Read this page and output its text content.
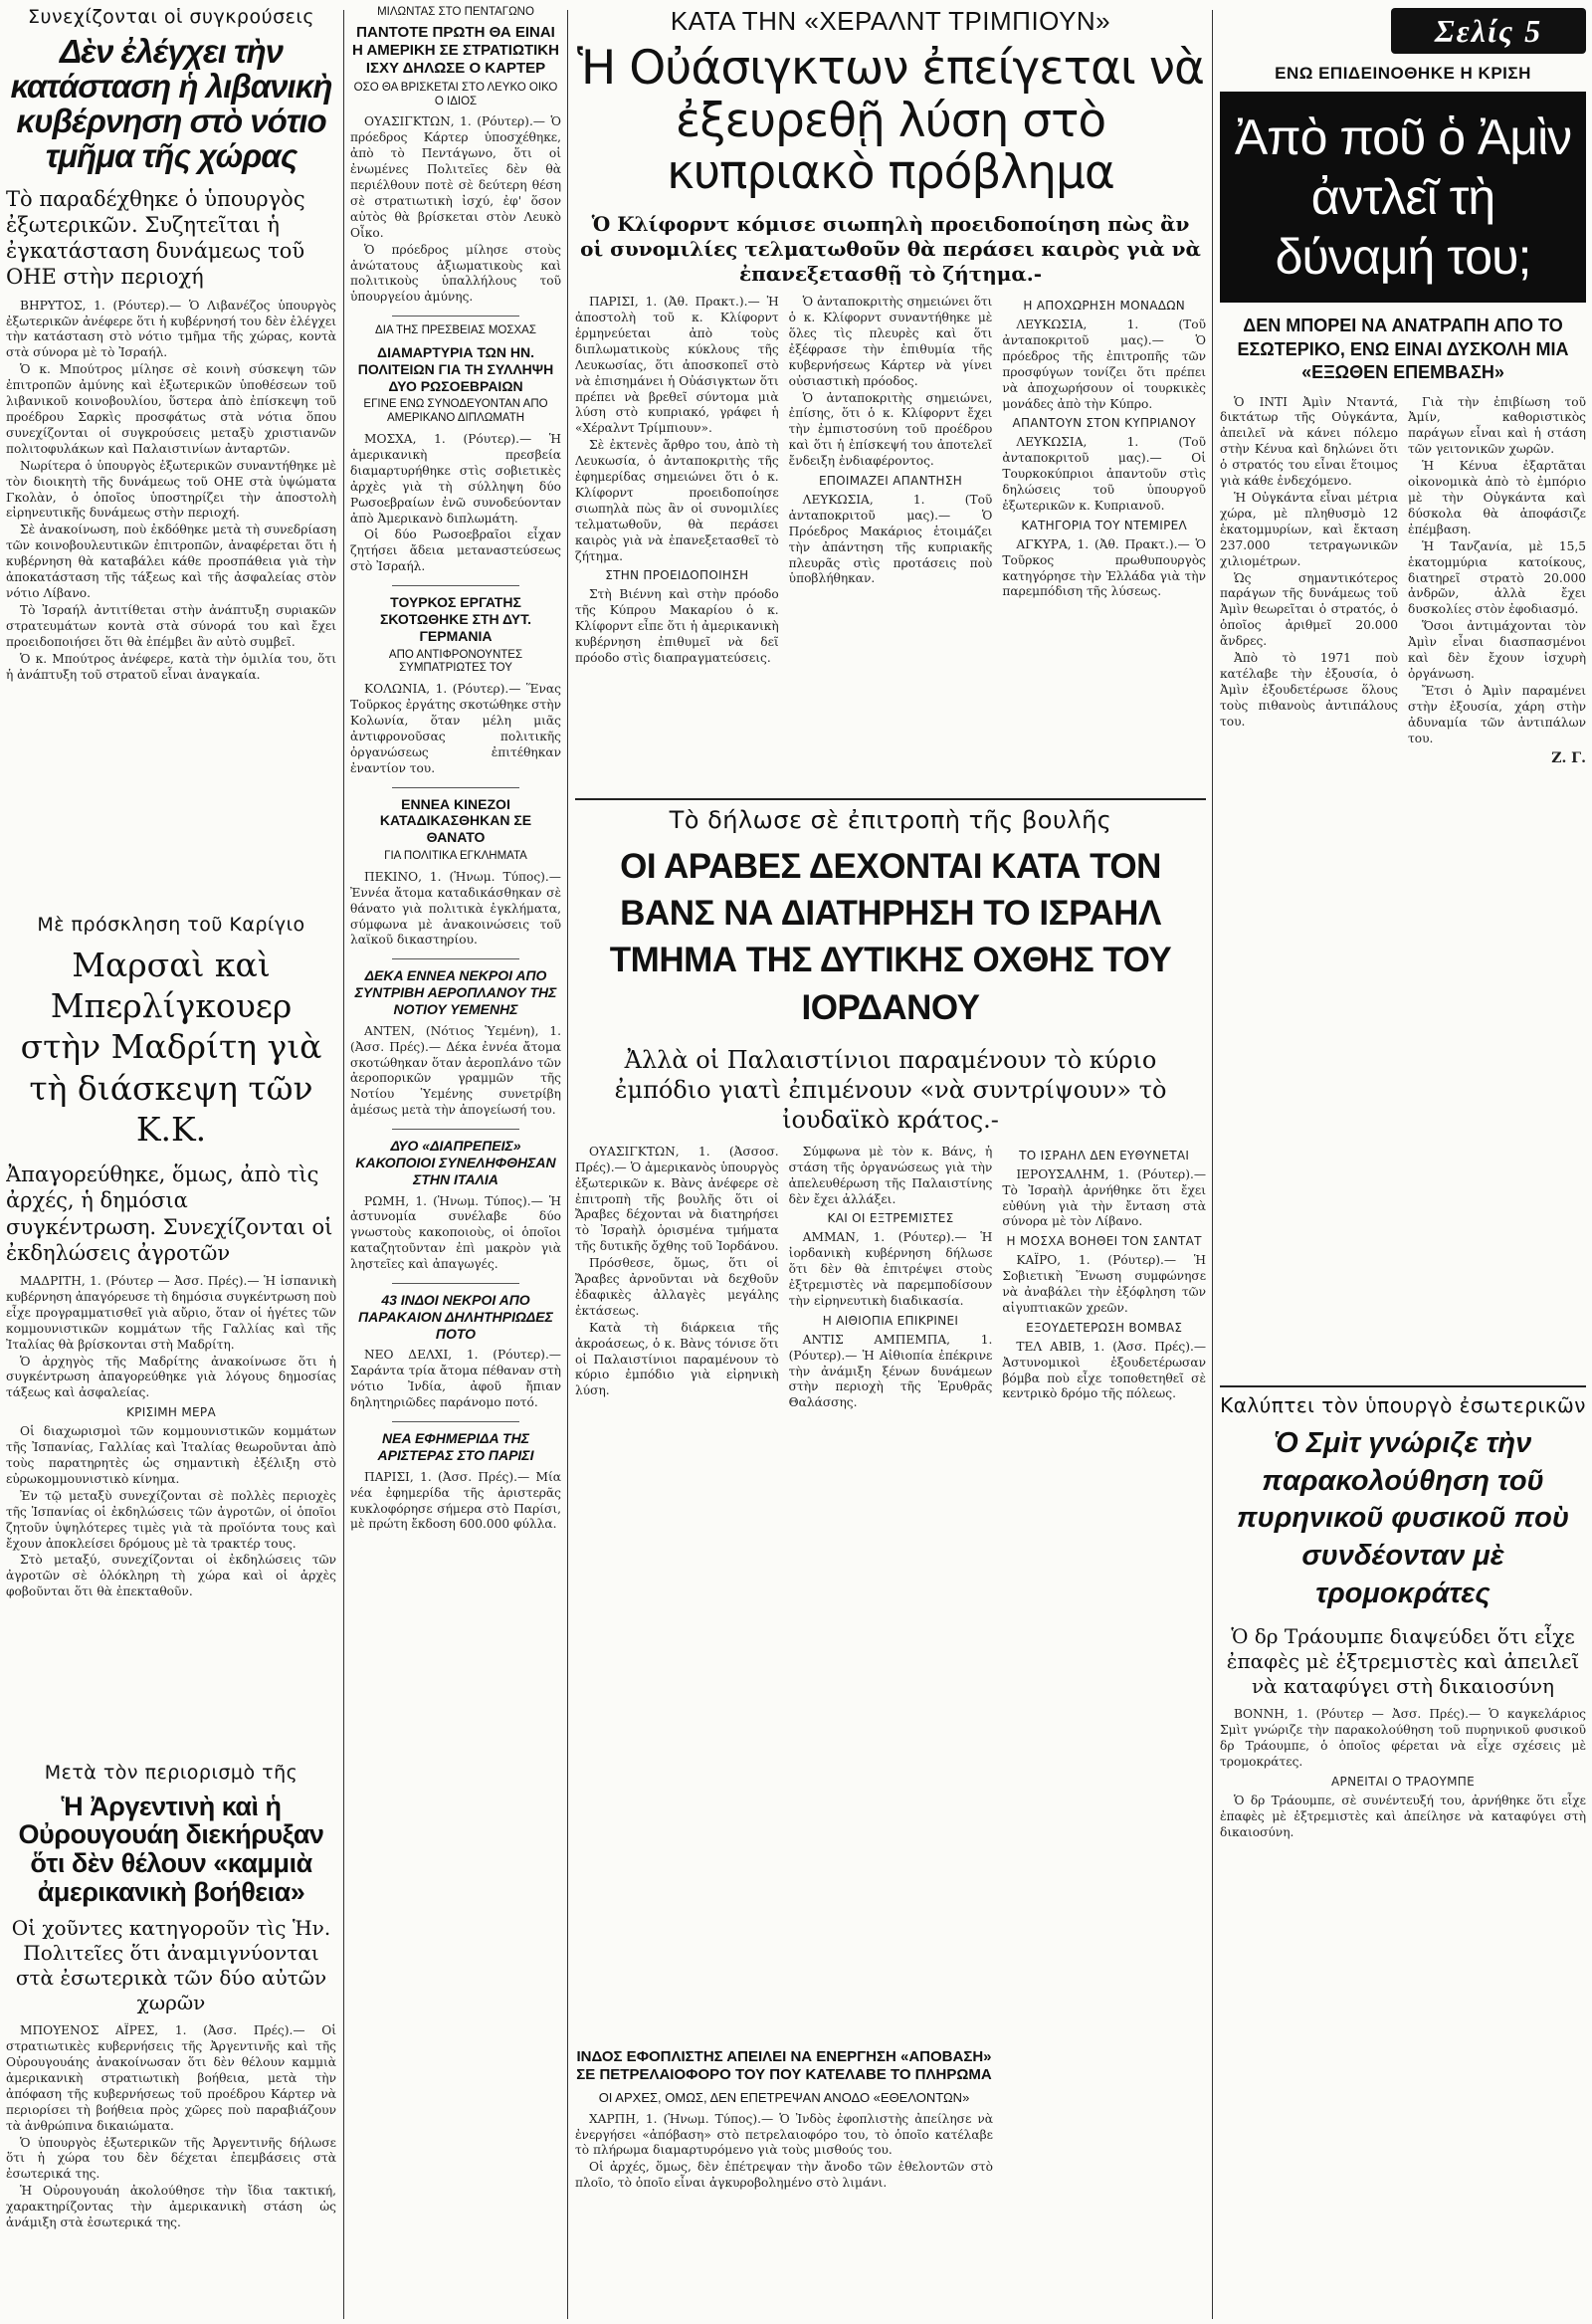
Συνεχίζονται οἱ συγκρούσεις
Δὲν ἐλέγχει τὴν κατάσταση ἡ λιβανικὴ κυβέρνηση στὸ νότιο τμῆμα τῆς χώρας
Τὸ παραδέχθηκε ὁ ὑπουργὸς ἐξωτερικῶν. Συζητεῖται ἡ ἐγκατάσταση δυνάμεως τοῦ ΟΗΕ στὴν περιοχή

ΒΗΡΥΤΟΣ, 1. (Ρόυτερ).— Ὁ Λιβανέζος ὑπουργὸς ἐξωτερικῶν ἀνέφερε ὅτι ἡ κυβέρνησή του δὲν ἐλέγχει τὴν κατάσταση στὸ νότιο τμῆμα τῆς χώρας, κοντὰ στὰ σύνορα μὲ τὸ Ἰσραήλ.

Ὁ κ. Μπούτρος μίλησε σὲ κοινὴ σύσκεψη τῶν ἐπιτροπῶν ἀμύνης καὶ ἐξωτερικῶν ὑποθέσεων τοῦ λιβανικοῦ κοινοβουλίου, ὕστερα ἀπὸ ἐπίσκεψη τοῦ προέδρου Σαρκὶς προσφάτως στὰ νότια ὅπου συνεχίζονται οἱ συγκρούσεις μεταξὺ χριστιανῶν πολιτοφυλάκων καὶ Παλαιστινίων ἀνταρτῶν.

Νωρίτερα ὁ ὑπουργὸς ἐξωτερικῶν συναντήθηκε μὲ τὸν διοικητὴ τῆς δυνάμεως τοῦ ΟΗΕ στὰ ὑψώματα Γκολὰν, ὁ ὁποῖος ὑποστηρίζει τὴν ἀποστολὴ εἰρηνευτικῆς δυνάμεως στὴν περιοχή.

Σὲ ἀνακοίνωση, ποὺ ἐκδόθηκε μετὰ τὴ συνεδρίαση τῶν κοινοβουλευτικῶν ἐπιτροπῶν, ἀναφέρεται ὅτι ἡ κυβέρνηση θὰ καταβάλει κάθε προσπάθεια γιὰ τὴν ἀποκατάσταση τῆς τάξεως καὶ τῆς ἀσφαλείας στὸν νότιο Λίβανο.

Τὸ Ἰσραήλ ἀντιτίθεται στὴν ἀνάπτυξη συριακῶν στρατευμάτων κοντὰ στὰ σύνορά του καὶ ἔχει προειδοποιήσει ὅτι θὰ ἐπέμβει ἂν αὐτὸ συμβεῖ.

Ὁ κ. Μπούτρος ἀνέφερε, κατὰ τὴν ὁμιλία του, ὅτι ἡ ἀνάπτυξη τοῦ στρατοῦ εἶναι ἀναγκαία.

Μὲ πρόσκληση τοῦ Καρίγιο
Μαρσαὶ καὶ Μπερλίγκουερ στὴν Μαδρίτη γιὰ τὴ διάσκεψη τῶν Κ.Κ.
Ἀπαγορεύθηκε, ὅμως, ἀπὸ τὶς ἀρχές, ἡ δημόσια συγκέντρωση. Συνεχίζονται οἱ ἐκδηλώσεις ἀγροτῶν

ΜΑΔΡΙΤΗ, 1. (Ρόυτερ — Ἀσσ. Πρές).— Ἡ ἱσπανικὴ κυβέρνηση ἀπαγόρευσε τὴ δημόσια συγκέντρωση ποὺ εἶχε προγραμματισθεῖ γιὰ αὔριο, ὅταν οἱ ἡγέτες τῶν κομμουνιστικῶν κομμάτων τῆς Γαλλίας καὶ τῆς Ἰταλίας θὰ βρίσκονται στὴ Μαδρίτη.

Ὁ ἀρχηγὸς τῆς Μαδρίτης ἀνακοίνωσε ὅτι ἡ συγκέντρωση ἀπαγορεύθηκε γιὰ λόγους δημοσίας τάξεως καὶ ἀσφαλείας.

ΚΡΙΣΙΜΗ ΜΕΡΑ

Οἱ διαχωρισμοὶ τῶν κομμουνιστικῶν κομμάτων τῆς Ἰσπανίας, Γαλλίας καὶ Ἰταλίας θεωροῦνται ἀπὸ τοὺς παρατηρητὲς ὡς σημαντικὴ ἐξέλιξη στὸ εὐρωκομμουνιστικὸ κίνημα.

Ἐν τῷ μεταξὺ συνεχίζονται σὲ πολλὲς περιοχὲς τῆς Ἱσπανίας οἱ ἐκδηλώσεις τῶν ἀγροτῶν, οἱ ὁποῖοι ζητοῦν ὑψηλότερες τιμὲς γιὰ τὰ προϊόντα τους καὶ ἔχουν ἀποκλείσει δρόμους μὲ τὰ τρακτέρ τους.

Στὸ μεταξύ, συνεχίζονται οἱ ἐκδηλώσεις τῶν ἀγροτῶν σὲ ὁλόκληρη τὴ χώρα καὶ οἱ ἀρχὲς φοβοῦνται ὅτι θὰ ἐπεκταθοῦν.

Μετὰ τὸν περιορισμὸ τῆς
Ἡ Ἀργεντινὴ καὶ ἡ Οὐρουγουάη διεκήρυξαν ὅτι δὲν θέλουν «καμμιὰ ἀμερικανικὴ βοήθεια»
Οἱ χοῦντες κατηγοροῦν τὶς Ἡν. Πολιτεῖες ὅτι ἀναμιγνύονται στὰ ἐσωτερικὰ τῶν δύο αὐτῶν χωρῶν

ΜΠΟΥΕΝΟΣ ΑΪΡΕΣ, 1. (Ἀσσ. Πρές).— Οἱ στρατιωτικὲς κυβερνήσεις τῆς Ἀργεντινῆς καὶ τῆς Οὐρουγουάης ἀνακοίνωσαν ὅτι δὲν θέλουν καμμιὰ ἀμερικανικὴ στρατιωτικὴ βοήθεια, μετὰ τὴν ἀπόφαση τῆς κυβερνήσεως τοῦ προέδρου Κάρτερ νὰ περιορίσει τὴ βοήθεια πρὸς χῶρες ποὺ παραβιάζουν τὰ ἀνθρώπινα δικαιώματα.

Ὁ ὑπουργὸς ἐξωτερικῶν τῆς Ἀργεντινῆς δήλωσε ὅτι ἡ χώρα του δὲν δέχεται ἐπεμβάσεις στὰ ἐσωτερικά της.

Ἡ Οὐρουγουάη ἀκολούθησε τὴν ἴδια τακτική, χαρακτηρίζοντας τὴν ἀμερικανικὴ στάση ὡς ἀνάμιξη στὰ ἐσωτερικά της.

ΜΙΛΩΝΤΑΣ ΣΤΟ ΠΕΝΤΑΓΩΝΟ
ΠΑΝΤΟΤΕ ΠΡΩΤΗ ΘΑ ΕΙΝΑΙ Η ΑΜΕΡΙΚΗ ΣΕ ΣΤΡΑΤΙΩΤΙΚΗ ΙΣΧΥ ΔΗΛΩΣΕ Ο ΚΑΡΤΕΡ
ΟΣΟ ΘΑ ΒΡΙΣΚΕΤΑΙ ΣΤΟ ΛΕΥΚΟ ΟΙΚΟ Ο ΙΔΙΟΣ

ΟΥΑΣΙΓΚΤΩΝ, 1. (Ρόυτερ).— Ὁ πρόεδρος Κάρτερ ὑποσχέθηκε, ἀπὸ τὸ Πεντάγωνο, ὅτι οἱ ἐνωμένες Πολιτεῖες δὲν θὰ περιέλθουν ποτὲ σὲ δεύτερη θέση σὲ στρατιωτικὴ ἰσχύ, ἐφ' ὅσον αὐτὸς θὰ βρίσκεται στὸν Λευκὸ Οἶκο.

Ὁ πρόεδρος μίλησε στοὺς ἀνώτατους ἀξιωματικοὺς καὶ πολιτικοὺς ὑπαλλήλους τοῦ ὑπουργείου ἀμύνης.

ΔΙΑ ΤΗΣ ΠΡΕΣΒΕΙΑΣ ΜΟΣΧΑΣ
ΔΙΑΜΑΡΤΥΡΙΑ ΤΩΝ ΗΝ. ΠΟΛΙΤΕΙΩΝ ΓΙΑ ΤΗ ΣΥΛΛΗΨΗ ΔΥΟ ΡΩΣΟΕΒΡΑΙΩΝ
ΕΓΙΝΕ ΕΝΩ ΣΥΝΟΔΕΥΟΝΤΑΝ ΑΠΟ ΑΜΕΡΙΚΑΝΟ ΔΙΠΛΩΜΑΤΗ

ΜΟΣΧΑ, 1. (Ρόυτερ).— Ἡ ἀμερικανικὴ πρεσβεία διαμαρτυρήθηκε στὶς σοβιετικὲς ἀρχὲς γιὰ τὴ σύλληψη δύο Ρωσοεβραίων ἐνῶ συνοδεύονταν ἀπὸ Ἀμερικανὸ διπλωμάτη.

Οἱ δύο Ρωσοεβραῖοι εἶχαν ζητήσει ἄδεια μεταναστεύσεως στὸ Ἰσραήλ.

ΤΟΥΡΚΟΣ ΕΡΓΑΤΗΣ ΣΚΟΤΩΘΗΚΕ ΣΤΗ ΔΥΤ. ΓΕΡΜΑΝΙΑ
ΑΠΟ ΑΝΤΙΦΡΟΝΟΥΝΤΕΣ ΣΥΜΠΑΤΡΙΩΤΕΣ ΤΟΥ

ΚΟΛΩΝΙΑ, 1. (Ρόυτερ).— Ἕνας Τοῦρκος ἐργάτης σκοτώθηκε στὴν Κολωνία, ὅταν μέλη μιᾶς ἀντιφρονοῦσας πολιτικῆς ὀργανώσεως ἐπιτέθηκαν ἐναντίον του.

ΕΝΝΕΑ ΚΙΝΕΖΟΙ ΚΑΤΑΔΙΚΑΣΘΗΚΑΝ ΣΕ ΘΑΝΑΤΟ
ΓΙΑ ΠΟΛΙΤΙΚΑ ΕΓΚΛΗΜΑΤΑ

ΠΕΚΙΝΟ, 1. (Ἡνωμ. Τύπος).— Ἐννέα ἄτομα καταδικάσθηκαν σὲ θάνατο γιὰ πολιτικὰ ἐγκλήματα, σύμφωνα μὲ ἀνακοινώσεις τοῦ λαϊκοῦ δικαστηρίου.

ΔΕΚΑ ΕΝΝΕΑ ΝΕΚΡΟΙ ΑΠΟ ΣΥΝΤΡΙΒΗ ΑΕΡΟΠΛΑΝΟΥ ΤΗΣ ΝΟΤΙΟΥ ΥΕΜΕΝΗΣ

ΑΝΤΕΝ, (Νότιος Ὑεμένη), 1. (Ἀσσ. Πρές).— Δέκα ἐννέα ἄτομα σκοτώθηκαν ὅταν ἀεροπλάνο τῶν ἀεροπορικῶν γραμμῶν τῆς Νοτίου Ὑεμένης συνετρίβη ἀμέσως μετὰ τὴν ἀπογείωσή του.

ΔΥΟ «ΔΙΑΠΡΕΠΕΙΣ» ΚΑΚΟΠΟΙΟΙ ΣΥΝΕΛΗΦΘΗΣΑΝ ΣΤΗΝ ΙΤΑΛΙΑ

ΡΩΜΗ, 1. (Ἡνωμ. Τύπος).— Ἡ ἀστυνομία συνέλαβε δύο γνωστοὺς κακοποιοὺς, οἱ ὁποῖοι καταζητοῦνταν ἐπὶ μακρὸν γιὰ ληστεῖες καὶ ἀπαγωγές.

43 ΙΝΔΟΙ ΝΕΚΡΟΙ ΑΠΟ ΠΑΡΑΚΑΙΟΝ ΔΗΛΗΤΗΡΙΩΔΕΣ ΠΟΤΟ

ΝΕΟ ΔΕΛΧΙ, 1. (Ρόυτερ).— Σαράντα τρία ἄτομα πέθαναν στὴ νότιο Ἰνδία, ἀφοῦ ἤπιαν δηλητηριῶδες παράνομο ποτό.

ΝΕΑ ΕΦΗΜΕΡΙΔΑ ΤΗΣ ΑΡΙΣΤΕΡΑΣ ΣΤΟ ΠΑΡΙΣΙ

ΠΑΡΙΣΙ, 1. (Ἀσσ. Πρές).— Μία νέα ἐφημερίδα τῆς ἀριστερᾶς κυκλοφόρησε σήμερα στὸ Παρίσι, μὲ πρώτη ἔκδοση 600.000 φύλλα.

ΚΑΤΑ ΤΗΝ «ΧΕΡΑΛΝΤ ΤΡΙΜΠΙΟΥΝ»
Ἡ Οὐάσιγκτων ἐπείγεται νὰ ἐξευρεθῇ λύση στὸ κυπριακὸ πρόβλημα
Ὁ Κλίφορντ κόμισε σιωπηλὴ προειδοποίηση πὼς ἂν οἱ συνομιλίες τελματωθοῦν θὰ περάσει καιρὸς γιὰ νὰ ἐπανεξετασθῇ τὸ ζήτημα.-

ΠΑΡΙΣΙ, 1. (Ἀθ. Πρακτ.).— Ἡ ἀποστολὴ τοῦ κ. Κλίφορντ ἑρμηνεύεται ἀπὸ τοὺς διπλωματικοὺς κύκλους τῆς Λευκωσίας, ὅτι ἀποσκοπεῖ στὸ νὰ ἐπισημάνει ἡ Οὐάσιγκτων ὅτι πρέπει νὰ βρεθεῖ σύντομα μιὰ λύση στὸ κυπριακό, γράφει ἡ «Χέραλντ Τρίμπιουν».

Σὲ ἐκτενὲς ἄρθρο του, ἀπὸ τὴ Λευκωσία, ὁ ἀνταποκριτὴς τῆς ἐφημερίδας σημειώνει ὅτι ὁ κ. Κλίφορντ προειδοποίησε σιωπηλὰ πὼς ἂν οἱ συνομιλίες τελματωθοῦν, θὰ περάσει καιρὸς γιὰ νὰ ἐπανεξετασθεῖ τὸ ζήτημα.

ΣΤΗΝ ΠΡΟΕΙΔΟΠΟΙΗΣΗ

Στὴ Βιέννη καὶ στὴν πρόοδο τῆς Κύπρου Μακαρίου ὁ κ. Κλίφορντ εἶπε ὅτι ἡ ἀμερικανικὴ κυβέρνηση ἐπιθυμεῖ νὰ δεῖ πρόοδο στὶς διαπραγματεύσεις.

Ὁ ἀνταποκριτὴς σημειώνει ὅτι ὁ κ. Κλίφορντ συναντήθηκε μὲ ὅλες τὶς πλευρὲς καὶ ὅτι ἐξέφρασε τὴν ἐπιθυμία τῆς κυβερνήσεως Κάρτερ νὰ γίνει οὐσιαστικὴ πρόοδος.

Ὁ ἀνταποκριτὴς σημειώνει, ἐπίσης, ὅτι ὁ κ. Κλίφορντ ἔχει τὴν ἐμπιστοσύνη τοῦ προέδρου καὶ ὅτι ἡ ἐπίσκεψή του ἀποτελεῖ ἔνδειξη ἐνδιαφέροντος.

ΕΠΟΙΜΑΖΕΙ ΑΠΑΝΤΗΣΗ

ΛΕΥΚΩΣΙΑ, 1. (Τοῦ ἀνταποκριτοῦ μας).— Ὁ Πρόεδρος Μακάριος ἑτοιμάζει τὴν ἀπάντηση τῆς κυπριακῆς πλευρᾶς στὶς προτάσεις ποὺ ὑποβλήθηκαν.

Η ΑΠΟΧΩΡΗΣΗ ΜΟΝΑΔΩΝ

ΛΕΥΚΩΣΙΑ, 1. (Τοῦ ἀνταποκριτοῦ μας).— Ὁ πρόεδρος τῆς ἐπιτροπῆς τῶν προσφύγων τονίζει ὅτι πρέπει νὰ ἀποχωρήσουν οἱ τουρκικὲς μονάδες ἀπὸ τὴν Κύπρο.

ΑΠΑΝΤΟΥΝ ΣΤΟΝ ΚΥΠΡΙΑΝΟΥ

ΛΕΥΚΩΣΙΑ, 1. (Τοῦ ἀνταποκριτοῦ μας).— Οἱ Τουρκοκύπριοι ἀπαντοῦν στὶς δηλώσεις τοῦ ὑπουργοῦ ἐξωτερικῶν κ. Κυπριανοῦ.

ΚΑΤΗΓΟΡΙΑ ΤΟΥ ΝΤΕΜΙΡΕΛ

ΑΓΚΥΡΑ, 1. (Ἀθ. Πρακτ.).— Ὁ Τοῦρκος πρωθυπουργὸς κατηγόρησε τὴν Ἑλλάδα γιὰ τὴν παρεμπόδιση τῆς λύσεως.

Τὸ δήλωσε σὲ ἐπιτροπὴ τῆς βουλῆς
ΟΙ ΑΡΑΒΕΣ ΔΕΧΟΝΤΑΙ ΚΑΤΑ ΤΟΝ ΒΑΝΣ ΝΑ ΔΙΑΤΗΡΗΣΗ ΤΟ ΙΣΡΑΗΛ ΤΜΗΜΑ ΤΗΣ ΔΥΤΙΚΗΣ ΟΧΘΗΣ ΤΟΥ ΙΟΡΔΑΝΟΥ
Ἀλλὰ οἱ Παλαιστίνιοι παραμένουν τὸ κύριο ἐμπόδιο γιατὶ ἐπιμένουν «νὰ συντρίψουν» τὸ ἰουδαϊκὸ κράτος.-

ΟΥΑΣΙΓΚΤΩΝ, 1. (Ἀσσοσ. Πρές).— Ὁ ἀμερικανὸς ὑπουργὸς ἐξωτερικῶν κ. Βὰνς ἀνέφερε σὲ ἐπιτροπὴ τῆς βουλῆς ὅτι οἱ Ἄραβες δέχονται νὰ διατηρήσει τὸ Ἰσραὴλ ὁρισμένα τμήματα τῆς δυτικῆς ὄχθης τοῦ Ἰορδάνου.

Πρόσθεσε, ὅμως, ὅτι οἱ Ἄραβες ἀρνοῦνται νὰ δεχθοῦν ἐδαφικὲς ἀλλαγὲς μεγάλης ἐκτάσεως.

Κατὰ τὴ διάρκεια τῆς ἀκροάσεως, ὁ κ. Βὰνς τόνισε ὅτι οἱ Παλαιστίνιοι παραμένουν τὸ κύριο ἐμπόδιο γιὰ εἰρηνικὴ λύση.

Σύμφωνα μὲ τὸν κ. Βάνς, ἡ στάση τῆς ὀργανώσεως γιὰ τὴν ἀπελευθέρωση τῆς Παλαιστίνης δὲν ἔχει ἀλλάξει.

ΚΑΙ ΟΙ ΕΞΤΡΕΜΙΣΤΕΣ

ΑΜΜΑΝ, 1. (Ρόυτερ).— Ἡ ἰορδανικὴ κυβέρνηση δήλωσε ὅτι δὲν θὰ ἐπιτρέψει στοὺς ἐξτρεμιστὲς νὰ παρεμποδίσουν τὴν εἰρηνευτικὴ διαδικασία.

Η ΑΙΘΙΟΠΙΑ ΕΠΙΚΡΙΝΕΙ

ΑΝΤΙΣ ΑΜΠΕΜΠΑ, 1. (Ρόυτερ).— Ἡ Αἰθιοπία ἐπέκρινε τὴν ἀνάμιξη ξένων δυνάμεων στὴν περιοχὴ τῆς Ἐρυθρᾶς Θαλάσσης.

ΤΟ ΙΣΡΑΗΛ ΔΕΝ ΕΥΘΥΝΕΤΑΙ

ΙΕΡΟΥΣΑΛΗΜ, 1. (Ρόυτερ).— Τὸ Ἰσραὴλ ἀρνήθηκε ὅτι ἔχει εὐθύνη γιὰ τὴν ἔνταση στὰ σύνορα μὲ τὸν Λίβανο.

Η ΜΟΣΧΑ ΒΟΗΘΕΙ ΤΟΝ ΣΑΝΤΑΤ

ΚΑΪΡΟ, 1. (Ρόυτερ).— Ἡ Σοβιετικὴ Ἕνωση συμφώνησε νὰ ἀναβάλει τὴν ἐξόφληση τῶν αἰγυπτιακῶν χρεῶν.

ΕΞΟΥΔΕΤΕΡΩΣΗ ΒΟΜΒΑΣ

ΤΕΛ ΑΒΙΒ, 1. (Ἀσσ. Πρές).— Ἀστυνομικοὶ ἐξουδετέρωσαν βόμβα ποὺ εἶχε τοποθετηθεῖ σὲ κεντρικὸ δρόμο τῆς πόλεως.

ΙΝΔΟΣ ΕΦΟΠΛΙΣΤΗΣ ΑΠΕΙΛΕΙ ΝΑ ΕΝΕΡΓΗΣΗ «ΑΠΟΒΑΣΗ» ΣΕ ΠΕΤΡΕΛΑΙΟΦΟΡΟ ΤΟΥ ΠΟΥ ΚΑΤΕΛΑΒΕ ΤΟ ΠΛΗΡΩΜΑ
ΟΙ ΑΡΧΕΣ, ΟΜΩΣ, ΔΕΝ ΕΠΕΤΡΕΨΑΝ ΑΝΟΔΟ «ΕΘΕΛΟΝΤΩΝ»

ΧΑΡΠΗ, 1. (Ἡνωμ. Τύπος).— Ὁ Ἰνδὸς ἐφοπλιστὴς ἀπείλησε νὰ ἐνεργήσει «ἀπόβαση» στὸ πετρελαιοφόρο του, τὸ ὁποῖο κατέλαβε τὸ πλήρωμα διαμαρτυρόμενο γιὰ τοὺς μισθούς του.

Οἱ ἀρχές, ὅμως, δὲν ἐπέτρεψαν τὴν ἄνοδο τῶν ἐθελοντῶν στὸ πλοῖο, τὸ ὁποῖο εἶναι ἀγκυροβολημένο στὸ λιμάνι.

Σελίς 5
ΕΝΩ ΕΠΙΔΕΙΝΟΘΗΚΕ Η ΚΡΙΣΗ
Ἀπὸ ποῦ ὁ Ἀμὶν ἀντλεῖ τὴ δύναμή του;
ΔΕΝ ΜΠΟΡΕΙ ΝΑ ΑΝΑΤΡΑΠΗ ΑΠΟ ΤΟ ΕΣΩΤΕΡΙΚΟ, ΕΝΩ ΕΙΝΑΙ ΔΥΣΚΟΛΗ ΜΙΑ «ΕΞΩΘΕΝ ΕΠΕΜΒΑΣΗ»

Ὁ ΙΝΤΙ Ἀμὶν Νταντά, δικτάτωρ τῆς Οὐγκάντα, ἀπειλεῖ νὰ κάνει πόλεμο στὴν Κένυα καὶ δηλώνει ὅτι ὁ στρατός του εἶναι ἕτοιμος γιὰ κάθε ἐνδεχόμενο.

Ἡ Οὐγκάντα εἶναι μέτρια χώρα, μὲ πληθυσμὸ 12 ἑκατομμυρίων, καὶ ἔκταση 237.000 τετραγωνικῶν χιλιομέτρων.

Ὡς σημαντικότερος παράγων τῆς δυνάμεως τοῦ Ἀμὶν θεωρεῖται ὁ στρατός, ὁ ὁποῖος ἀριθμεῖ 20.000 ἄνδρες.

Ἀπὸ τὸ 1971 ποὺ κατέλαβε τὴν ἐξουσία, ὁ Ἀμὶν ἐξουδετέρωσε ὅλους τοὺς πιθανοὺς ἀντιπάλους του.

Γιὰ τὴν ἐπιβίωση τοῦ Ἀμίν, καθοριστικὸς παράγων εἶναι καὶ ἡ στάση τῶν γειτονικῶν χωρῶν.

Ἡ Κένυα ἐξαρτᾶται οἰκονομικὰ ἀπὸ τὸ ἐμπόριο μὲ τὴν Οὐγκάντα καὶ δύσκολα θὰ ἀποφάσιζε ἐπέμβαση.

Ἡ Τανζανία, μὲ 15,5 ἑκατομμύρια κατοίκους, διατηρεῖ στρατὸ 20.000 ἀνδρῶν, ἀλλὰ ἔχει δυσκολίες στὸν ἐφοδιασμό.

Ὅσοι ἀντιμάχονται τὸν Ἀμὶν εἶναι διασπασμένοι καὶ δὲν ἔχουν ἰσχυρὴ ὀργάνωση.

Ἔτσι ὁ Ἀμὶν παραμένει στὴν ἐξουσία, χάρη στὴν ἀδυναμία τῶν ἀντιπάλων του.

Ζ. Γ.
Καλύπτει τὸν ὑπουργὸ ἐσωτερικῶν
Ὁ Σμὶτ γνώριζε τὴν παρακολούθηση τοῦ πυρηνικοῦ φυσικοῦ ποὺ συνδέονταν μὲ τρομοκράτες
Ὁ δρ Τράουμπε διαψεύδει ὅτι εἶχε ἐπαφὲς μὲ ἐξτρεμιστὲς καὶ ἀπειλεῖ νὰ καταφύγει στὴ δικαιοσύνη

ΒΟΝΝΗ, 1. (Ρόυτερ — Ἀσσ. Πρές).— Ὁ καγκελάριος Σμὶτ γνώριζε τὴν παρακολούθηση τοῦ πυρηνικοῦ φυσικοῦ δρ Τράουμπε, ὁ ὁποῖος φέρεται νὰ εἶχε σχέσεις μὲ τρομοκράτες.

ΑΡΝΕΙΤΑΙ Ο ΤΡΑΟΥΜΠΕ

Ὁ δρ Τράουμπε, σὲ συνέντευξή του, ἀρνήθηκε ὅτι εἶχε ἐπαφὲς μὲ ἐξτρεμιστὲς καὶ ἀπείλησε νὰ καταφύγει στὴ δικαιοσύνη.
